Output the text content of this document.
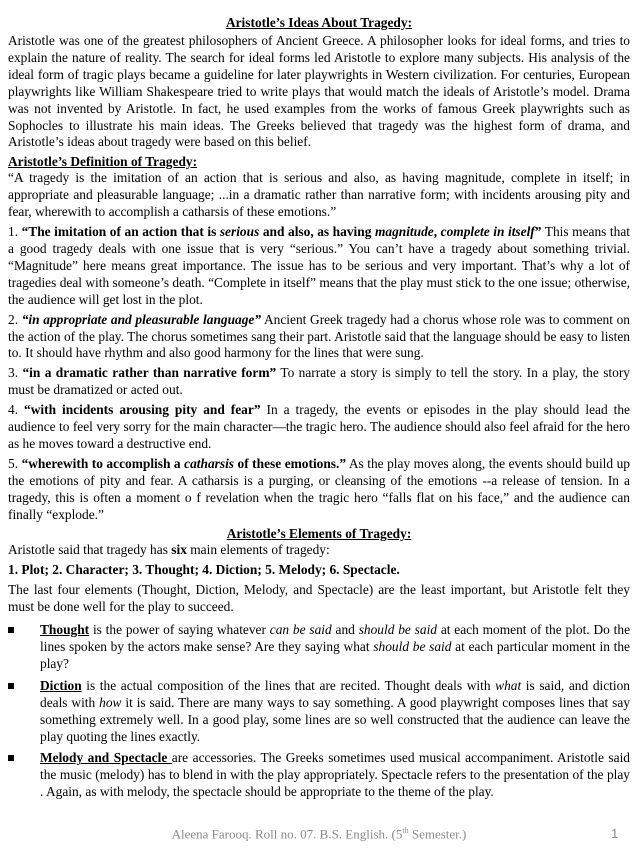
Aristotle’s Ideas About Tragedy:

Aristotle was one of the greatest philosophers of Ancient Greece. A philosopher looks for ideal forms, and tries to explain the nature of reality. The search for ideal forms led Aristotle to explore many subjects. His analysis of the ideal form of tragic plays became a guideline for later playwrights in Western civilization. For centuries, European playwrights like William Shakespeare tried to write plays that would match the ideals of Aristotle’s model. Drama was not invented by Aristotle. In fact, he used examples from the works of famous Greek playwrights such as Sophocles to illustrate his main ideas. The Greeks believed that tragedy was the highest form of drama, and Aristotle’s ideas about tragedy were based on this belief.

Aristotle’s Definition of Tragedy:

“A tragedy is the imitation of an action that is serious and also, as having magnitude, complete in itself; in appropriate and pleasurable language; ...in a dramatic rather than narrative form; with incidents arousing pity and fear, wherewith to accomplish a catharsis of these emotions.”

1. “The imitation of an action that is serious and also, as having magnitude, complete in itself” This means that a good tragedy deals with one issue that is very “serious.” You can’t have a tragedy about something trivial. “Magnitude” here means great importance. The issue has to be serious and very important. That’s why a lot of tragedies deal with someone’s death. “Complete in itself” means that the play must stick to the one issue; otherwise, the audience will get lost in the plot.

2. “in appropriate and pleasurable language” Ancient Greek tragedy had a chorus whose role was to comment on the action of the play. The chorus sometimes sang their part. Aristotle said that the language should be easy to listen to. It should have rhythm and also good harmony for the lines that were sung.

3. “in a dramatic rather than narrative form” To narrate a story is simply to tell the story. In a play, the story must be dramatized or acted out.

4. “with incidents arousing pity and fear” In a tragedy, the events or episodes in the play should lead the audience to feel very sorry for the main character—the tragic hero. The audience should also feel afraid for the hero as he moves toward a destructive end.

5. “wherewith to accomplish a catharsis of these emotions.” As the play moves along, the events should build up the emotions of pity and fear. A catharsis is a purging, or cleansing of the emotions --a release of tension. In a tragedy, this is often a moment o f revelation when the tragic hero “falls flat on his face,” and the audience can finally “explode.”

Aristotle’s Elements of Tragedy:

Aristotle said that tragedy has six main elements of tragedy:

1. Plot; 2. Character; 3. Thought; 4. Diction; 5. Melody; 6. Spectacle.

The last four elements (Thought, Diction, Melody, and Spectacle) are the least important, but Aristotle felt they must be done well for the play to succeed.

Thought is the power of saying whatever can be said and should be said at each moment of the plot. Do the lines spoken by the actors make sense? Are they saying what should be said at each particular moment in the play?

Diction is the actual composition of the lines that are recited. Thought deals with what is said, and diction deals with how it is said. There are many ways to say something. A good playwright composes lines that say something extremely well. In a good play, some lines are so well constructed that the audience can leave the play quoting the lines exactly.

Melody and Spectacle are accessories. The Greeks sometimes used musical accompaniment. Aristotle said the music (melody) has to blend in with the play appropriately. Spectacle refers to the presentation of the play . Again, as with melody, the spectacle should be appropriate to the theme of the play.

Aleena Farooq. Roll no. 07. B.S. English. (5th Semester.)	1
